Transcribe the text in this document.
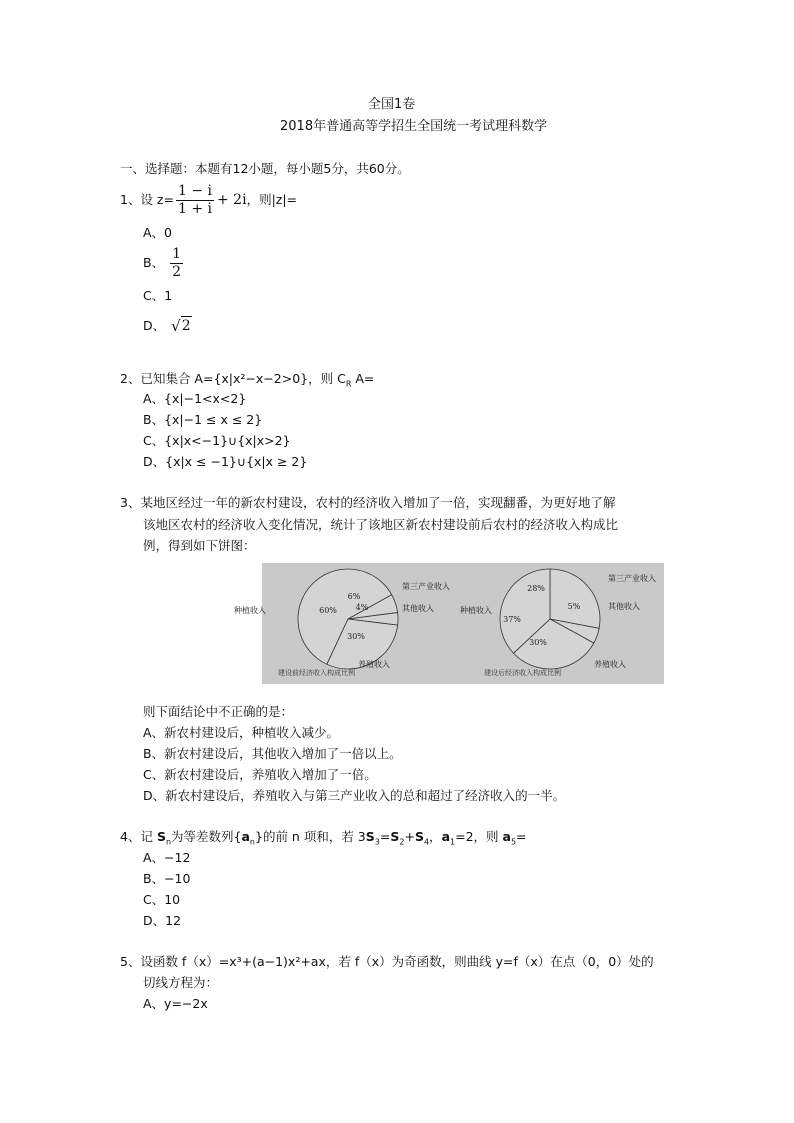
全国1卷
2018年普通高等学招生全国统一考试理科数学
一、选择题：本题有12小题，每小题5分，共60分。
1、设 $z= \frac{1 - i}{1 + i} + 2i$ ，则|z|=
A、0
B、 $\frac{1}{2}$
C、1
D、 √ 2
2、已知集合 A={x|x²−x−2>0}，则 $C_R$ A=
A、{x|−1<x<2}
B、{x|−1 ≤ x ≤ 2}
C、{x|x<−1}∪{x|x>2}
D、{x|x ≤ −1}∪{x|x ≥ 2}
3、某地区经过一年的新农村建设，农村的经济收入增加了一倍，实现翻番，为更好地了解
该地区农村的经济收入变化情况，统计了该地区新农村建设前后农村的经济收入构成比
例，得到如下饼图：
60%
6%
4%
30%
种植收入
第三产业收入
其他收入
养殖收入
建设前经济收入构成比例
28%
5%
30%
37%
第三产业收入
其他收入
养殖收入
种植收入
建设后经济收入构成比例
则下面结论中不正确的是：
A、新农村建设后，种植收入减少。
B、新农村建设后，其他收入增加了一倍以上。
C、新农村建设后，养殖收入增加了一倍。
D、新农村建设后，养殖收入与第三产业收入的总和超过了经济收入的一半。
4、记 $S_n$为等差数列$\{a_n\}$的前 n 项和，若 $3S_3=S_2+S_4$，$a_1=2$，则 $a_5=$
A、−12
B、−10
C、10
D、12
5、设函数 f（x）=x³+(a−1)x²+ax，若 f（x）为奇函数，则曲线 y=f（x）在点（0，0）处的
切线方程为：
A、y=−2x
